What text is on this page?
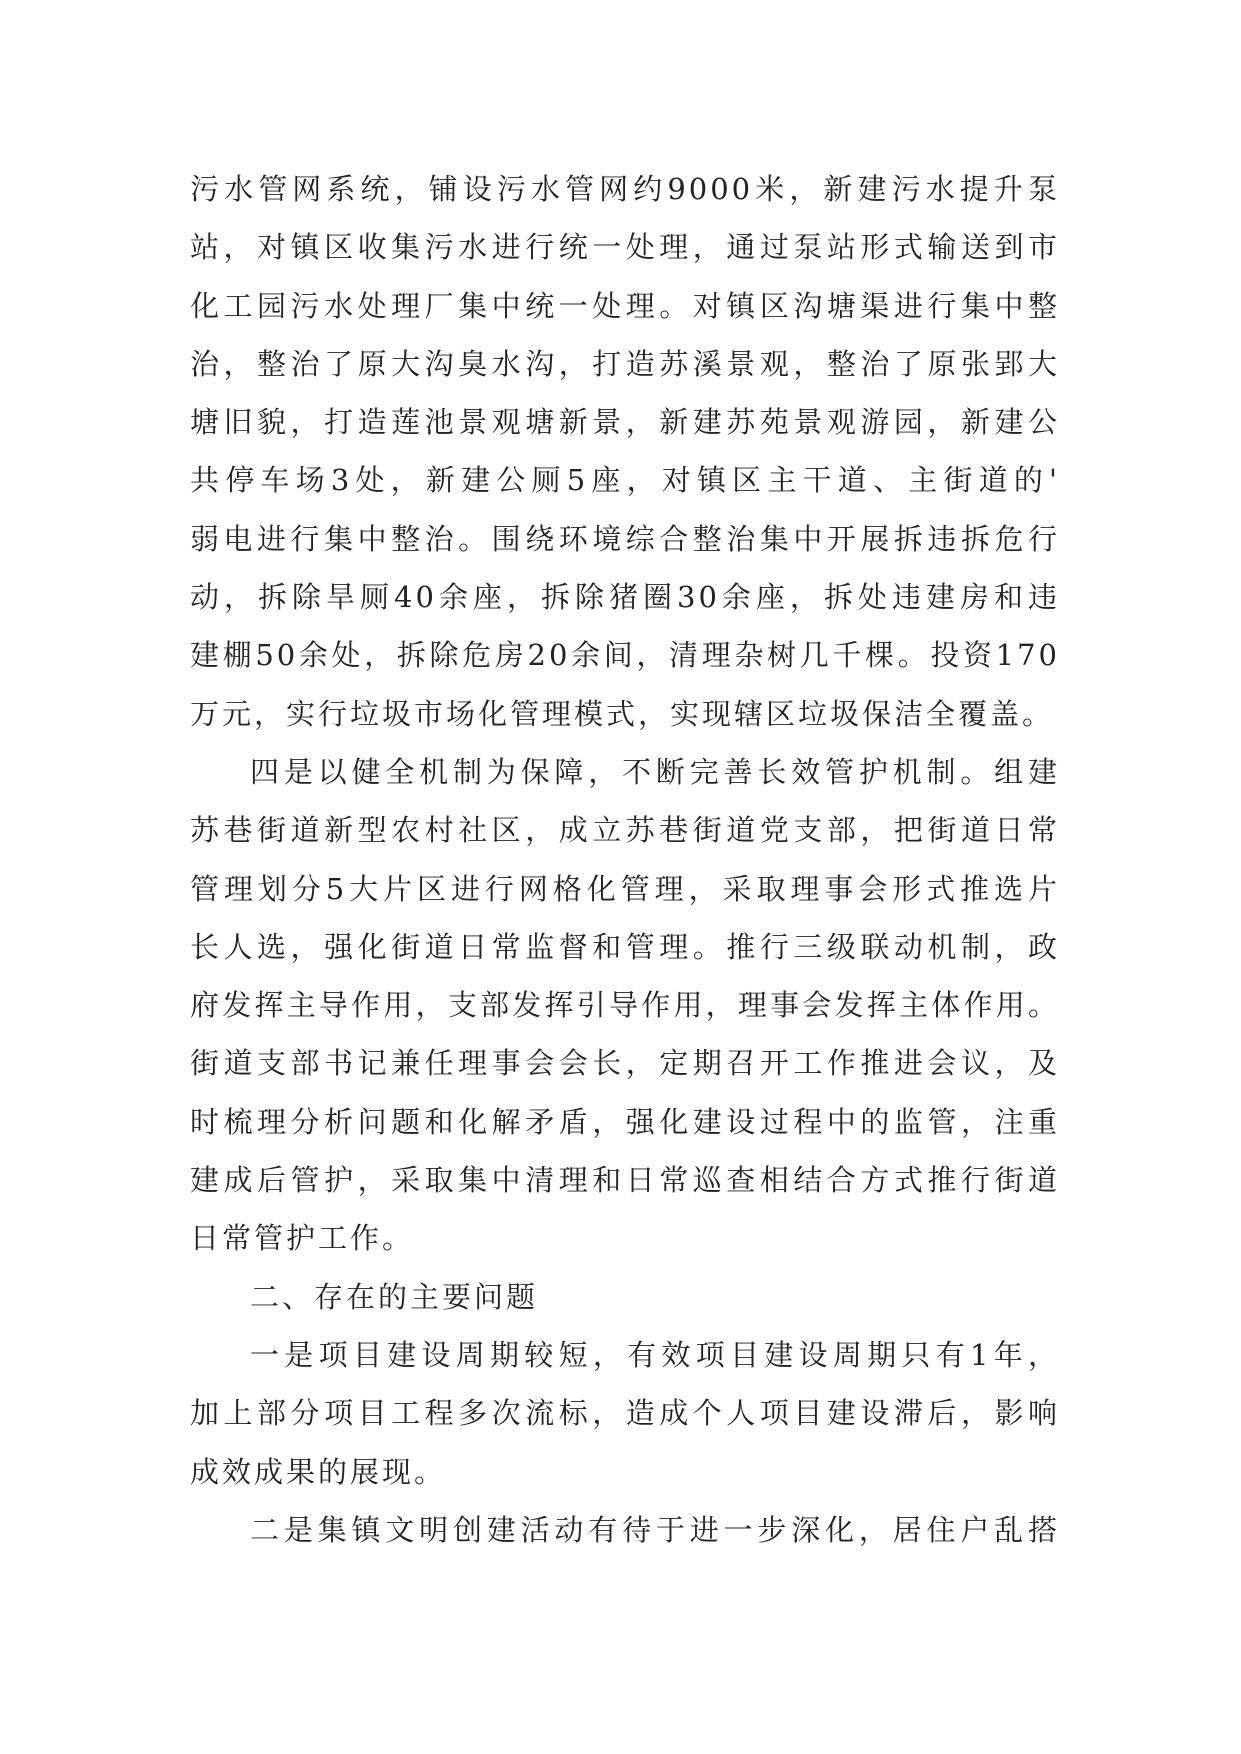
污水管网系统，铺设污水管网约9000米，新建污水提升泵
站，对镇区收集污水进行统一处理，通过泵站形式输送到市
化工园污水处理厂集中统一处理。对镇区沟塘渠进行集中整
治，整治了原大沟臭水沟，打造苏溪景观，整治了原张郢大
塘旧貌，打造莲池景观塘新景，新建苏苑景观游园，新建公
共停车场3处，新建公厕5座，对镇区主干道、主街道的'
弱电进行集中整治。围绕环境综合整治集中开展拆违拆危行
动，拆除旱厕40余座，拆除猪圈30余座，拆处违建房和违
建棚50余处，拆除危房20余间，清理杂树几千棵。投资170
万元，实行垃圾市场化管理模式，实现辖区垃圾保洁全覆盖。
四是以健全机制为保障，不断完善长效管护机制。组建
苏巷街道新型农村社区，成立苏巷街道党支部，把街道日常
管理划分5大片区进行网格化管理，采取理事会形式推选片
长人选，强化街道日常监督和管理。推行三级联动机制，政
府发挥主导作用，支部发挥引导作用，理事会发挥主体作用。
街道支部书记兼任理事会会长，定期召开工作推进会议，及
时梳理分析问题和化解矛盾，强化建设过程中的监管，注重
建成后管护，采取集中清理和日常巡查相结合方式推行街道
日常管护工作。
二、存在的主要问题
一是项目建设周期较短，有效项目建设周期只有1年，
加上部分项目工程多次流标，造成个人项目建设滞后，影响
成效成果的展现。
二是集镇文明创建活动有待于进一步深化，居住户乱搭
